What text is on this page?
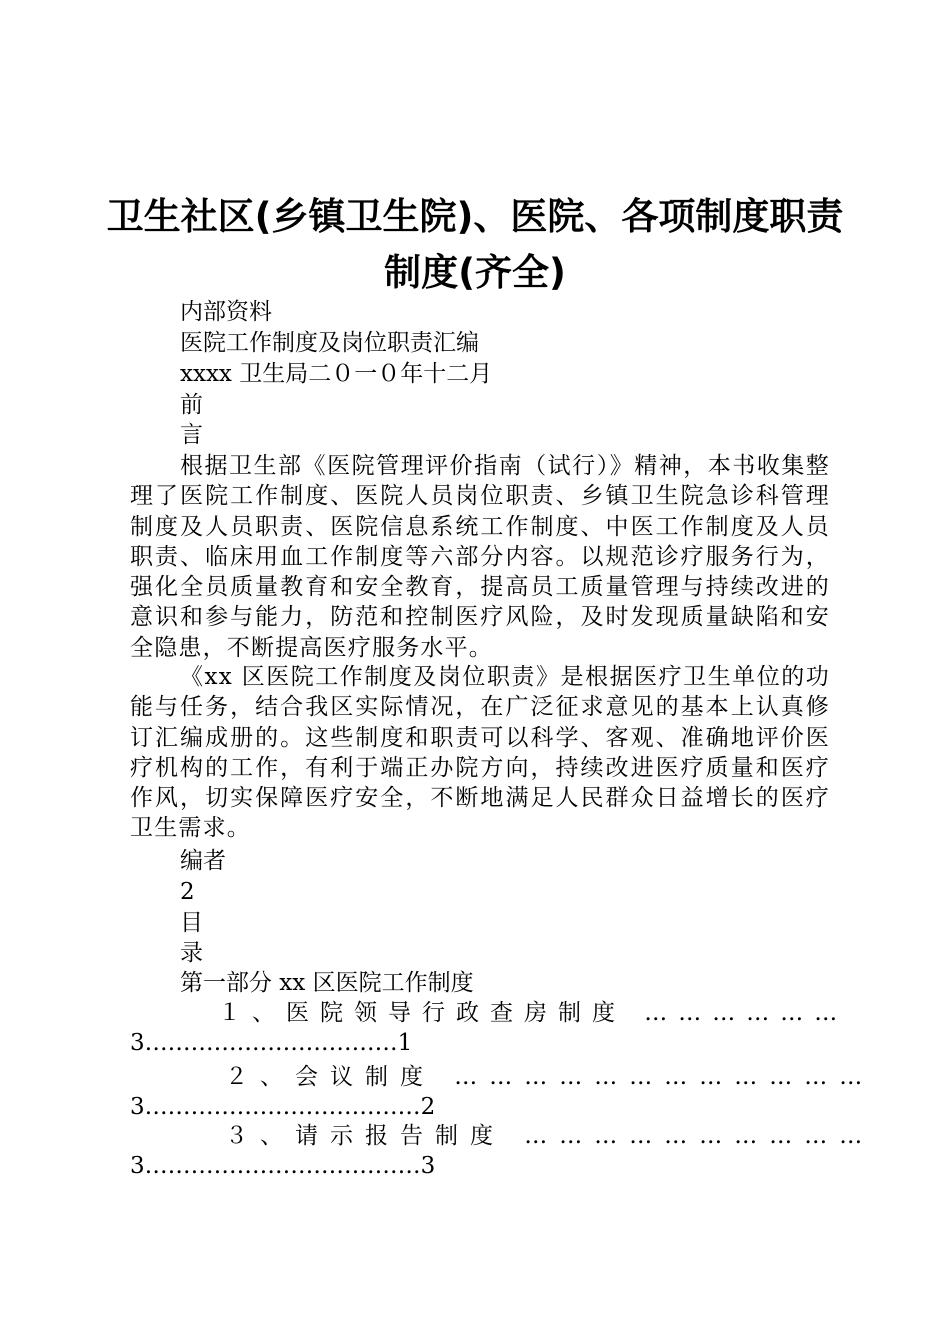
卫生社区(乡镇卫生院)、医院、各项制度职责
制度(齐全)
内部资料
医院工作制度及岗位职责汇编
xxxx 卫生局二０一０年十二月
前
言
根据卫生部《医院管理评价指南（试行）》精神，本书收集整理了医院工作制度、医院人员岗位职责、乡镇卫生院急诊科管理制度及人员职责、医院信息系统工作制度、中医工作制度及人员职责、临床用血工作制度等六部分内容。以规范诊疗服务行为，强化全员质量教育和安全教育，提高员工质量管理与持续改进的意识和参与能力，防范和控制医疗风险，及时发现质量缺陷和安全隐患，不断提高医疗服务水平。
《xx 区医院工作制度及岗位职责》是根据医疗卫生单位的功能与任务，结合我区实际情况，在广泛征求意见的基本上认真修订汇编成册的。这些制度和职责可以科学、客观、准确地评价医疗机构的工作，有利于端正办院方向，持续改进医疗质量和医疗作风，切实保障医疗安全，不断地满足人民群众日益增长的医疗卫生需求。
编者
2
目
录
第一部分 xx 区医院工作制度
１、医院领导行政查房制度 ………………
3……………………………1
２、会议制度 ………………………………
3………………………………2
３、请示报告制度 …………………………
3………………………………3
